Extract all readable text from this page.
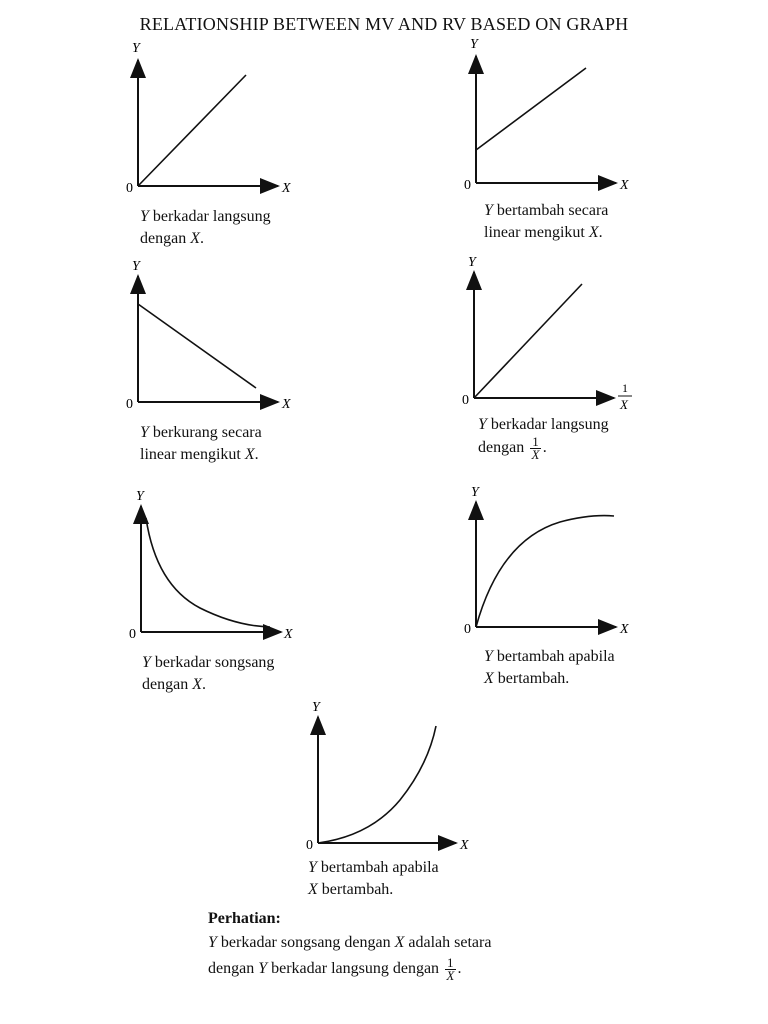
RELATIONSHIP BETWEEN MV AND RV BASED ON GRAPH
Y
X
0
Y
X
0
Y
X
0
Y
1
X
0
Y
X
0
Y
X
0
Y
X
0
Y berkadar langsung
dengan X.
Y bertambah secara
linear mengikut X.
Y berkurang secara
linear mengikut X.
Y berkadar langsung
dengan $\frac{1}{X}$ .
Y berkadar songsang
dengan X.
Y bertambah apabila
X bertambah.
Y bertambah apabila
X bertambah.
Perhatian:
Y berkadar songsang dengan X adalah setara
dengan Y berkadar langsung dengan $\frac{1}{X}$ .
